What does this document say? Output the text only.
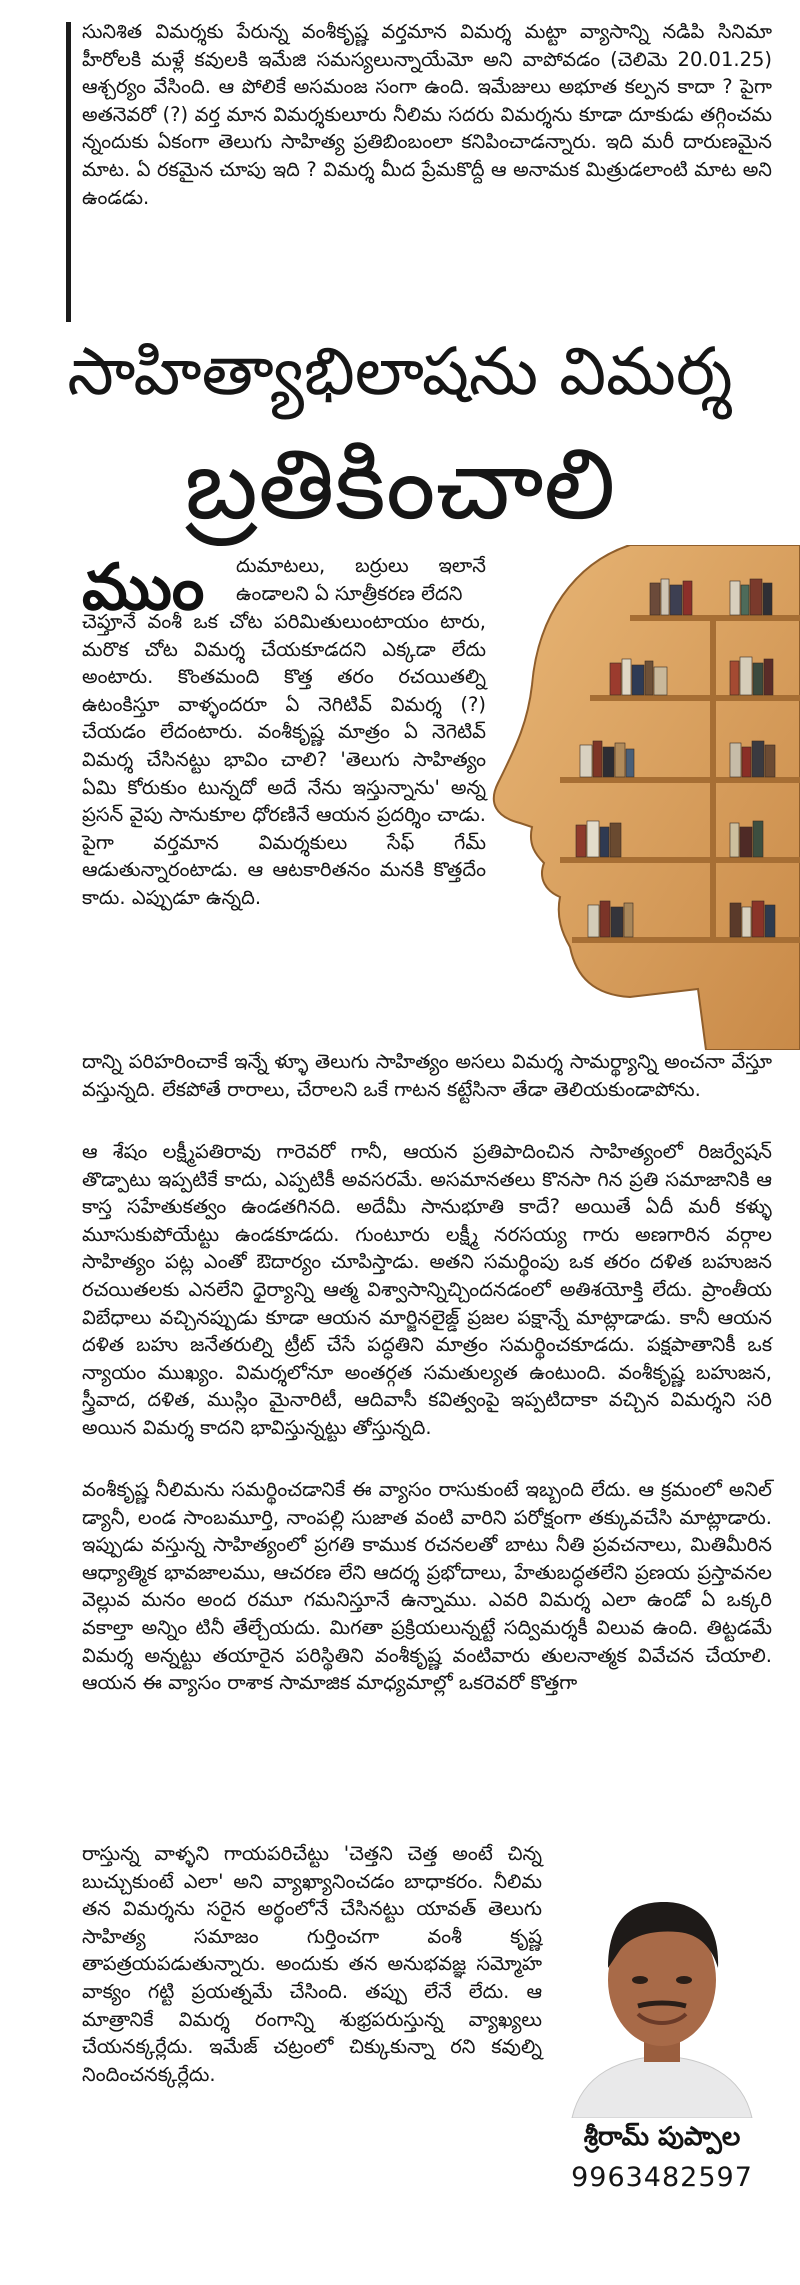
సునిశిత విమర్శకు పేరున్న వంశీకృష్ణ వర్తమాన విమర్శ మట్టా వ్యాసాన్ని నడిపి సినిమా హీరోలకి మళ్లే కవులకి ఇమేజి సమస్యలున్నాయేమో అని వాపోవడం (చెలిమె 20.01.25) ఆశ్చర్యం వేసింది. ఆ పోలికే అసమంజ సంగా ఉంది. ఇమేజులు అభూత కల్పన కాదా ? పైగా అతనెవరో (?) వర్త మాన విమర్శకులూరు నీలిమ సదరు విమర్శను కూడా దూకుడు తగ్గించమ న్నందుకు ఏకంగా తెలుగు సాహిత్య ప్రతిబింబంలా కనిపించాడన్నారు. ఇది మరీ దారుణమైన మాట. ఏ రకమైన చూపు ఇది ? విమర్శ మీద ప్రేమకొద్దీ ఆ అనామక మిత్రుడలాంటి మాట అని ఉండడు.

సాహిత్యాభిలాషను విమర్శ
బ్రతికించాలి
ముం దుమాటలు, బర్రులు ఇలానే ఉండాలని ఏ సూత్రీకరణ లేదని

చెప్తూనే వంశీ ఒక చోట పరిమితులుంటాయం టారు, మరొక చోట విమర్శ చేయకూడదని ఎక్కడా లేదు అంటారు. కొంతమంది కొత్త తరం రచయితల్ని ఉటంకిస్తూ వాళ్ళందరూ ఏ నెగిటివ్ విమర్శ (?) చేయడం లేదంటారు. వంశీకృష్ణ మాత్రం ఏ నెగెటివ్ విమర్శ చేసినట్టు భావిం చాలి? 'తెలుగు సాహిత్యం ఏమి కోరుకుం టున్నదో అదే నేను ఇస్తున్నాను' అన్న ప్రసన్ వైపు సానుకూల ధోరణినే ఆయన ప్రదర్శిం చాడు. పైగా వర్తమాన విమర్శకులు సేఫ్ గేమ్ ఆడుతున్నారంటాడు. ఆ ఆటకారితనం మనకి కొత్తదేం కాదు. ఎప్పుడూ ఉన్నది.

దాన్ని పరిహరించాకే ఇన్నే ళ్ళూ తెలుగు సాహిత్యం అసలు విమర్శ సామర్థ్యాన్ని అంచనా వేస్తూ వస్తున్నది. లేకపోతే రారాలు, చేరాలని ఒకే గాటన కట్టేసినా తేడా తెలియకుండాపోను.

ఆ శేషం లక్ష్మీపతిరావు గారెవరో గానీ, ఆయన ప్రతిపాదించిన సాహిత్యంలో రిజర్వేషన్ తొడ్పాటు ఇప్పటికే కాదు, ఎప్పటికీ అవసరమే. అసమానతలు కొనసా గిన ప్రతి సమాజానికి ఆ కాస్త సహేతుకత్వం ఉండతగినది. అదేమీ సానుభూతి కాదే? అయితే ఏదీ మరీ కళ్ళు మూసుకుపోయేట్టు ఉండకూడదు. గుంటూరు లక్ష్మీ నరసయ్య గారు అణగారిన వర్గాల సాహిత్యం పట్ల ఎంతో ఔదార్యం చూపిస్తాడు. అతని సమర్థింపు ఒక తరం దళిత బహుజన రచయితలకు ఎనలేని ధైర్యాన్ని ఆత్మ విశ్వాసాన్నిచ్చిందనడంలో అతిశయోక్తి లేదు. ప్రాంతీయ విబేధాలు వచ్చినప్పుడు కూడా ఆయన మార్జినలైజ్డ్ ప్రజల పక్షాన్నే మాట్లాడాడు. కానీ ఆయన దళిత బహు జనేతరుల్ని ట్రీట్ చేసే పద్ధతిని మాత్రం సమర్థించకూడదు. పక్షపాతానికీ ఒక న్యాయం ముఖ్యం. విమర్శలోనూ అంతర్గత సమతుల్యత ఉంటుంది. వంశీకృష్ణ బహుజన, స్త్రీవాద, దళిత, ముస్లిం మైనారిటీ, ఆదివాసీ కవిత్వంపై ఇప్పటిదాకా వచ్చిన విమర్శని సరి అయిన విమర్శ కాదని భావిస్తున్నట్టు తోస్తున్నది.

వంశీకృష్ణ నీలిమను సమర్థించడానికే ఈ వ్యాసం రాసుకుంటే ఇబ్బంది లేదు. ఆ క్రమంలో అనిల్ డ్యానీ, లండ సాంబమూర్తి, నాంపల్లి సుజాత వంటి వారిని పరోక్షంగా తక్కువచేసి మాట్లాడారు. ఇప్పుడు వస్తున్న సాహిత్యంలో ప్రగతి కాముక రచనలతో బాటు నీతి ప్రవచనాలు, మితిమీరిన ఆధ్యాత్మిక భావజాలము, ఆచరణ లేని ఆదర్శ ప్రభోదాలు, హేతుబద్ధతలేని ప్రణయ ప్రస్తావనల వెల్లువ మనం అంద రమూ గమనిస్తూనే ఉన్నాము. ఎవరి విమర్శ ఎలా ఉండో ఏ ఒక్కరి వకాల్తా అన్నిం టినీ తేల్చేయదు. మిగతా ప్రక్రియలున్నట్టే సద్విమర్శకీ విలువ ఉంది. తిట్టడమే విమర్శ అన్నట్టు తయారైన పరిస్థితిని వంశీకృష్ణ వంటివారు తులనాత్మక వివేచన చేయాలి. ఆయన ఈ వ్యాసం రాశాక సామాజిక మాధ్యమాల్లో ఒకరెవరో కొత్తగా

రాస్తున్న వాళ్ళని గాయపరిచేట్టు 'చెత్తని చెత్త అంటే చిన్న బుచ్చుకుంటే ఎలా' అని వ్యాఖ్యానించడం బాధాకరం. నీలిమ తన విమర్శను సరైన అర్థంలోనే చేసినట్టు యావత్ తెలుగు సాహిత్య సమాజం గుర్తించగా వంశీ కృష్ణ తాపత్రయపడుతున్నారు. అందుకు తన అనుభవజ్ఞ సమ్మోహ వాక్యం గట్టి ప్రయత్నమే చేసింది. తప్పు లేనే లేదు. ఆ మాత్రానికే విమర్శ రంగాన్ని శుభ్రపరుస్తున్న వ్యాఖ్యలు చేయనక్కర్లేదు. ఇమేజ్ చట్రంలో చిక్కుకున్నా రని కవుల్ని నిందించనక్కర్లేదు.

శ్రీరామ్ పుప్పాల

9963482597
